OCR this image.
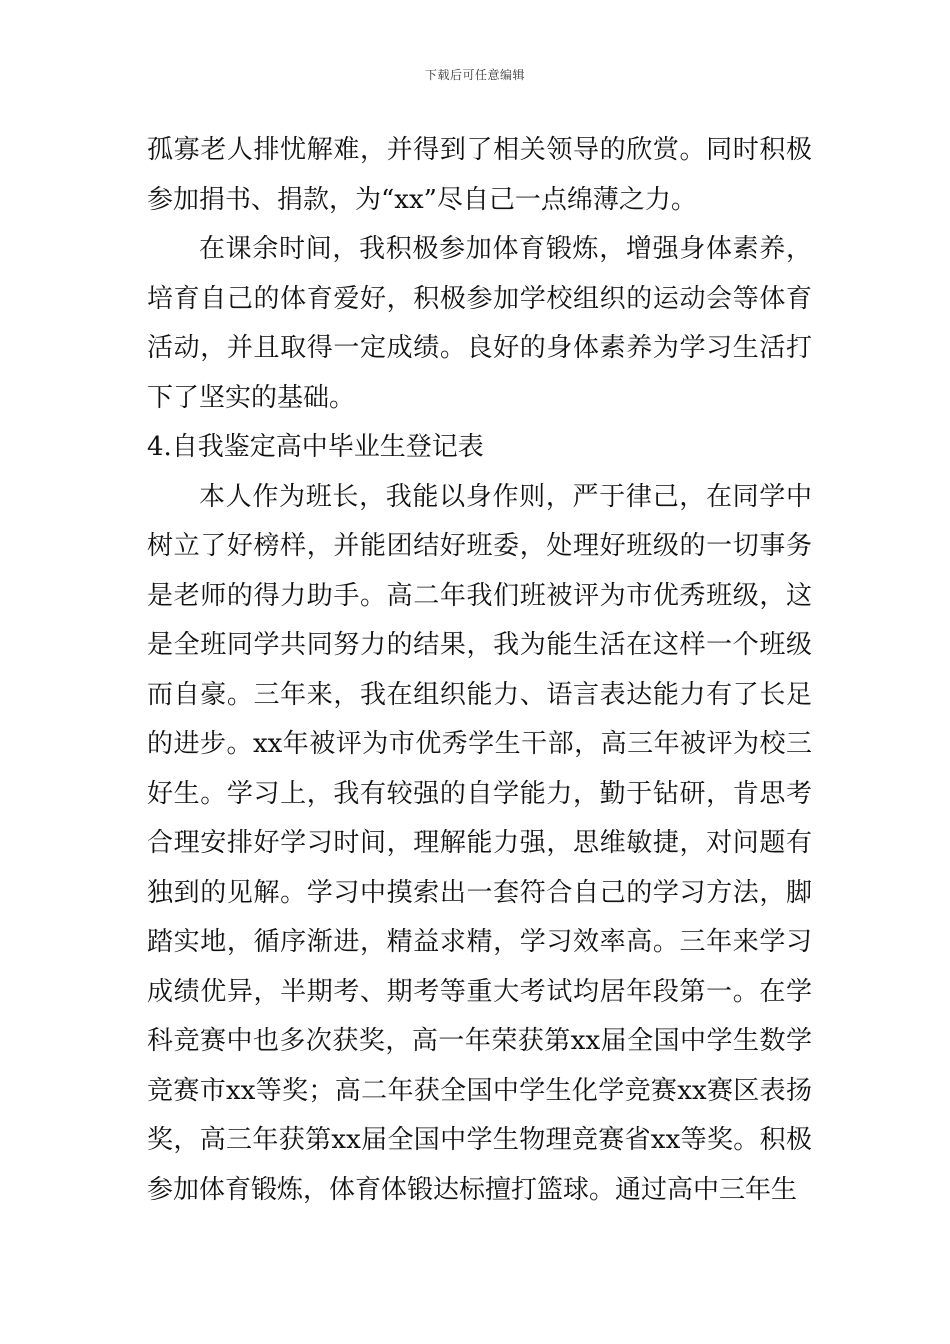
下载后可任意编辑

孤寡老人排忧解难，并得到了相关领导的欣赏。同时积极参加捐书、捐款，为“xx”尽自己一点绵薄之力。

在课余时间，我积极参加体育锻炼，增强身体素养，培育自己的体育爱好，积极参加学校组织的运动会等体育活动，并且取得一定成绩。良好的身体素养为学习生活打下了坚实的基础。

4.自我鉴定高中毕业生登记表

本人作为班长，我能以身作则，严于律己，在同学中树立了好榜样，并能团结好班委，处理好班级的一切事务是老师的得力助手。高二年我们班被评为市优秀班级，这是全班同学共同努力的结果，我为能生活在这样一个班级而自豪。三年来，我在组织能力、语言表达能力有了长足的进步。xx年被评为市优秀学生干部，高三年被评为校三好生。学习上，我有较强的自学能力，勤于钻研，肯思考合理安排好学习时间，理解能力强，思维敏捷，对问题有独到的见解。学习中摸索出一套符合自己的学习方法，脚踏实地，循序渐进，精益求精，学习效率高。三年来学习成绩优异，半期考、期考等重大考试均居年段第一。在学科竞赛中也多次获奖，高一年荣获第xx届全国中学生数学竞赛市xx等奖；高二年获全国中学生化学竞赛xx赛区表扬奖，高三年获第xx届全国中学生物理竞赛省xx等奖。积极参加体育锻炼，体育体锻达标擅打篮球。通过高中三年生
